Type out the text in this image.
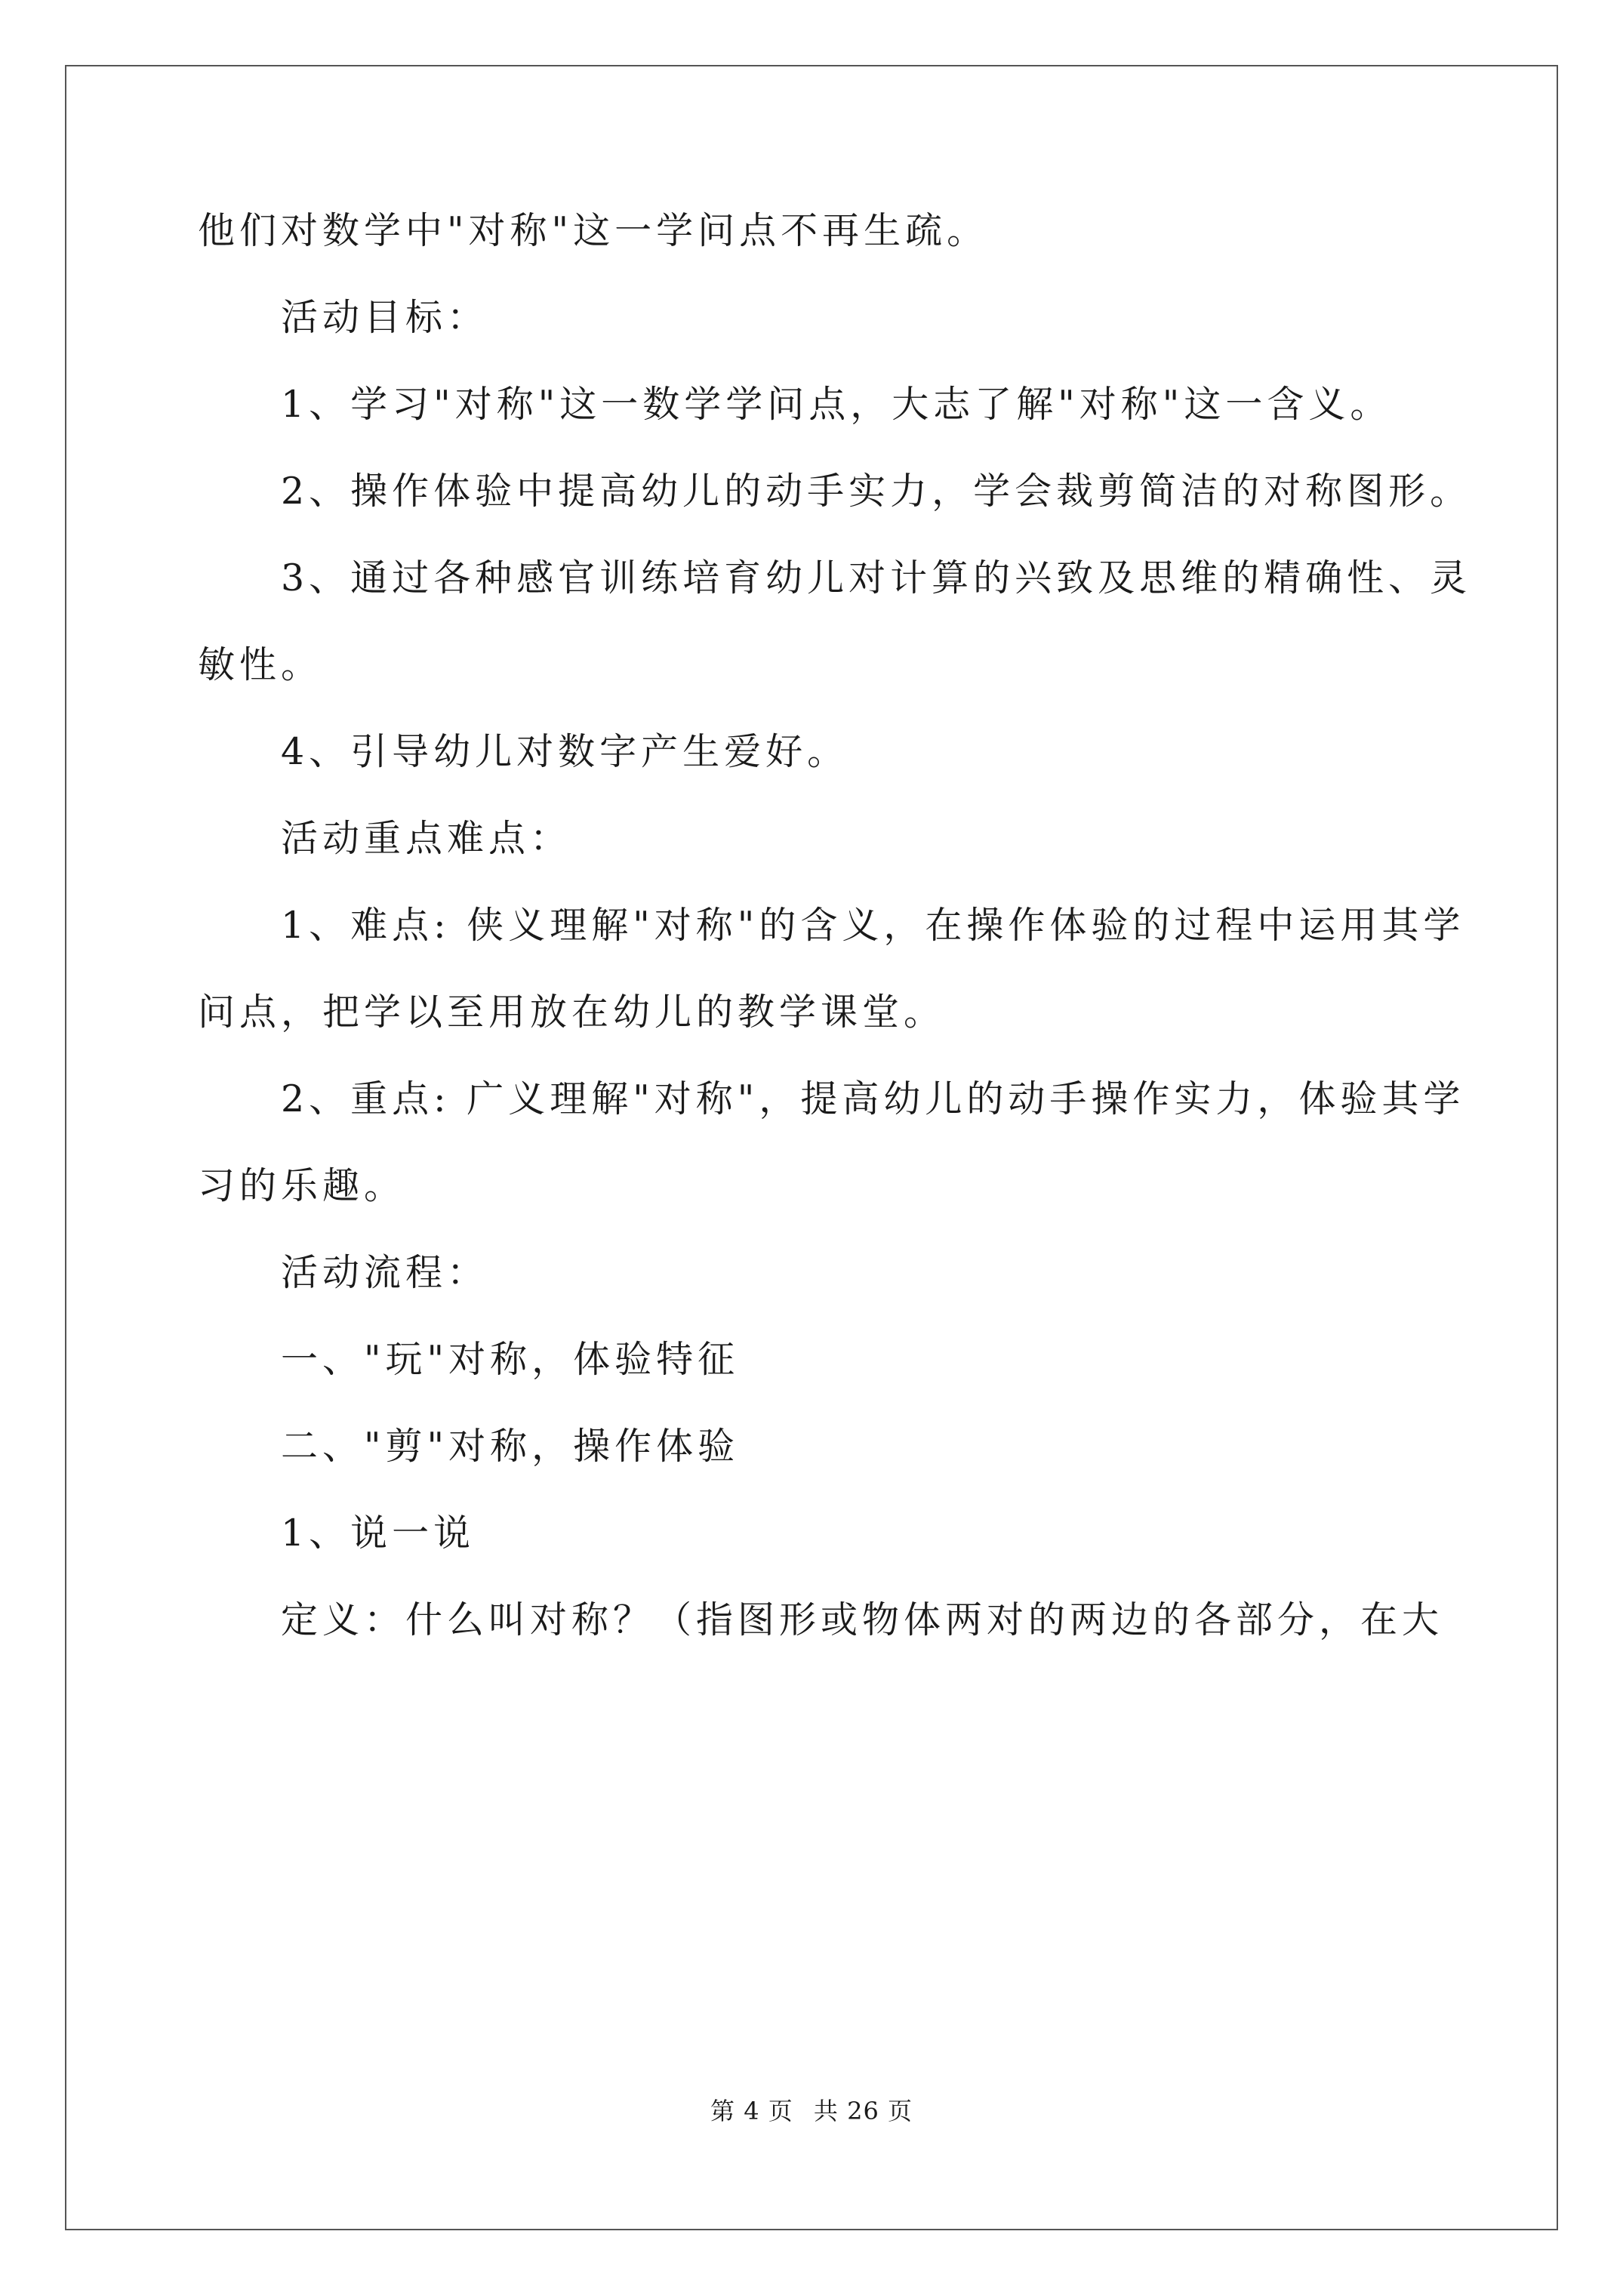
他们对数学中"对称"这一学问点不再生疏。
活动目标：
1、学习"对称"这一数学学问点，大志了解"对称"这一含义。
2、操作体验中提高幼儿的动手实力，学会裁剪简洁的对称图形。
3、通过各种感官训练培育幼儿对计算的兴致及思维的精确性、灵
敏性。
4、引导幼儿对数字产生爱好。
活动重点难点：
1、难点: 侠义理解"对称"的含义，在操作体验的过程中运用其学
问点，把学以至用放在幼儿的教学课堂。
2、重点: 广义理解"对称"，提高幼儿的动手操作实力，体验其学
习的乐趣。
活动流程：
一、"玩"对称，体验特征
二、"剪"对称，操作体验
1、说一说
定义：什么叫对称？（指图形或物体两对的两边的各部分，在大
第 4 页 共 26 页
